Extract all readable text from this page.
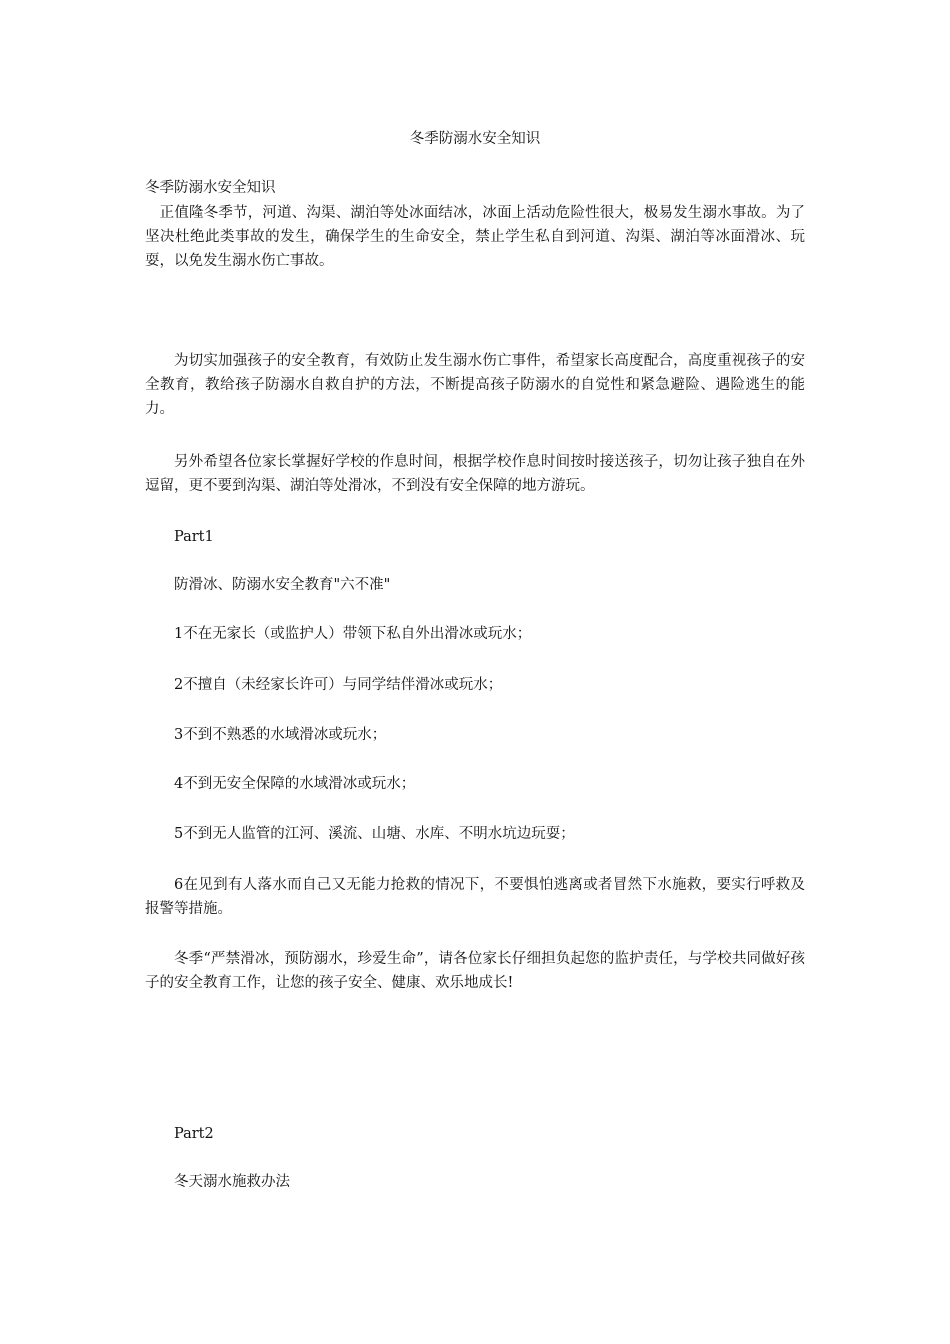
冬季防溺水安全知识

冬季防溺水安全知识

　正值隆冬季节，河道、沟渠、湖泊等处冰面结冰，冰面上活动危险性很大，极易发生溺水事故。为了坚决杜绝此类事故的发生，确保学生的生命安全，禁止学生私自到河道、沟渠、湖泊等冰面滑冰、玩耍，以免发生溺水伤亡事故。

为切实加强孩子的安全教育，有效防止发生溺水伤亡事件，希望家长高度配合，高度重视孩子的安全教育，教给孩子防溺水自救自护的方法，不断提高孩子防溺水的自觉性和紧急避险、遇险逃生的能力。

另外希望各位家长掌握好学校的作息时间，根据学校作息时间按时接送孩子，切勿让孩子独自在外逗留，更不要到沟渠、湖泊等处滑冰，不到没有安全保障的地方游玩。

Part1

防滑冰、防溺水安全教育"六不准"

1不在无家长（或监护人）带领下私自外出滑冰或玩水；

2不擅自（未经家长许可）与同学结伴滑冰或玩水；

3不到不熟悉的水域滑冰或玩水；

4不到无安全保障的水域滑冰或玩水；

5不到无人监管的江河、溪流、山塘、水库、不明水坑边玩耍；

6在见到有人落水而自己又无能力抢救的情况下，不要惧怕逃离或者冒然下水施救，要实行呼救及报警等措施。

冬季“严禁滑冰，预防溺水，珍爱生命”，请各位家长仔细担负起您的监护责任，与学校共同做好孩子的安全教育工作，让您的孩子安全、健康、欢乐地成长!

Part2

冬天溺水施救办法
